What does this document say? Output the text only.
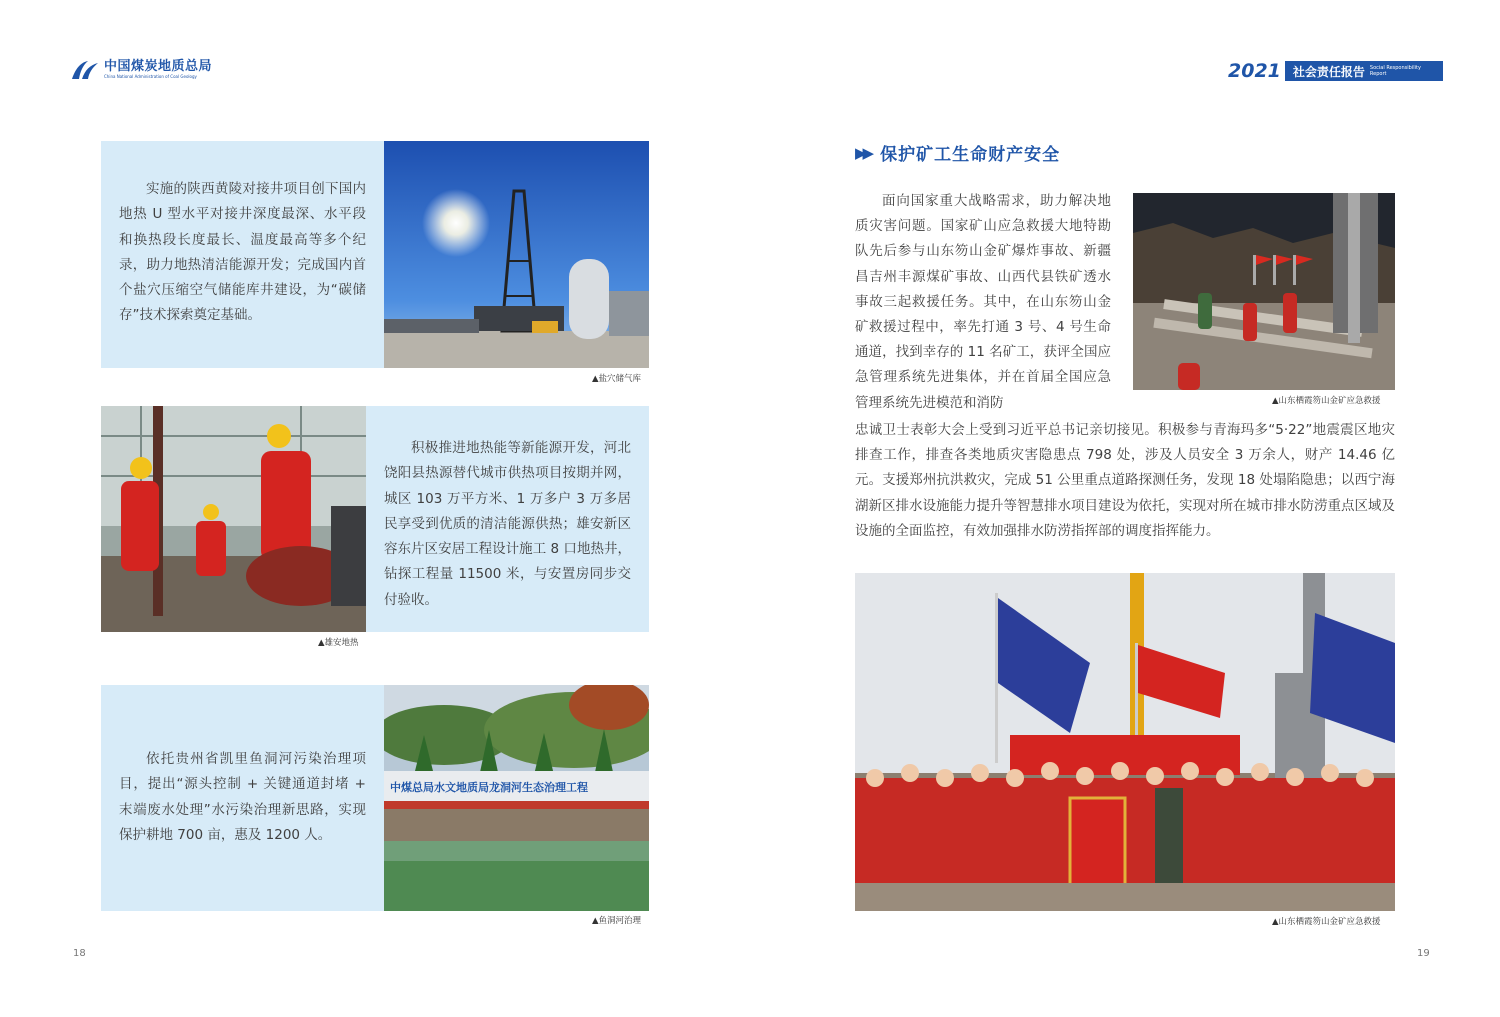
中国煤炭地质总局
China National Administration of Coal Geology	2021 社会责任报告 Social Responsibility Report

实施的陕西黄陵对接井项目创下国内地热 U 型水平对接井深度最深、水平段和换热段长度最长、温度最高等多个纪录，助力地热清洁能源开发；完成国内首个盐穴压缩空气储能库井建设，为“碳储存”技术探索奠定基础。

▲盐穴储气库

积极推进地热能等新能源开发，河北饶阳县热源替代城市供热项目按期并网，城区 103 万平方米、1 万多户 3 万多居民享受到优质的清洁能源供热；雄安新区容东片区安居工程设计施工 8 口地热井，钻探工程量 11500 米，与安置房同步交付验收。

▲雄安地热

依托贵州省凯里鱼洞河污染治理项目，提出“源头控制 + 关键通道封堵 + 末端废水处理”水污染治理新思路，实现保护耕地 700 亩，惠及 1200 人。

中煤总局水文地质局龙洞河生态治理工程
▲鱼洞河治理
18
▶▶ 保护矿工生命财产安全

面向国家重大战略需求，助力解决地质灾害问题。国家矿山应急救援大地特勘队先后参与山东笏山金矿爆炸事故、新疆昌吉州丰源煤矿事故、山西代县铁矿透水事故三起救援任务。其中，在山东笏山金矿救援过程中，率先打通 3 号、4 号生命通道，找到幸存的 11 名矿工，获评全国应急管理系统先进集体，并在首届全国应急管理系统先进模范和消防	▲山东栖霞笏山金矿应急救援

忠诚卫士表彰大会上受到习近平总书记亲切接见。积极参与青海玛多“5·22”地震震区地灾排查工作，排查各类地质灾害隐患点 798 处，涉及人员安全 3 万余人，财产 14.46 亿元。支援郑州抗洪救灾，完成 51 公里重点道路探测任务，发现 18 处塌陷隐患；以西宁海湖新区排水设施能力提升等智慧排水项目建设为依托，实现对所在城市排水防涝重点区域及设施的全面监控，有效加强排水防涝指挥部的调度指挥能力。

▲山东栖霞笏山金矿应急救援
19
